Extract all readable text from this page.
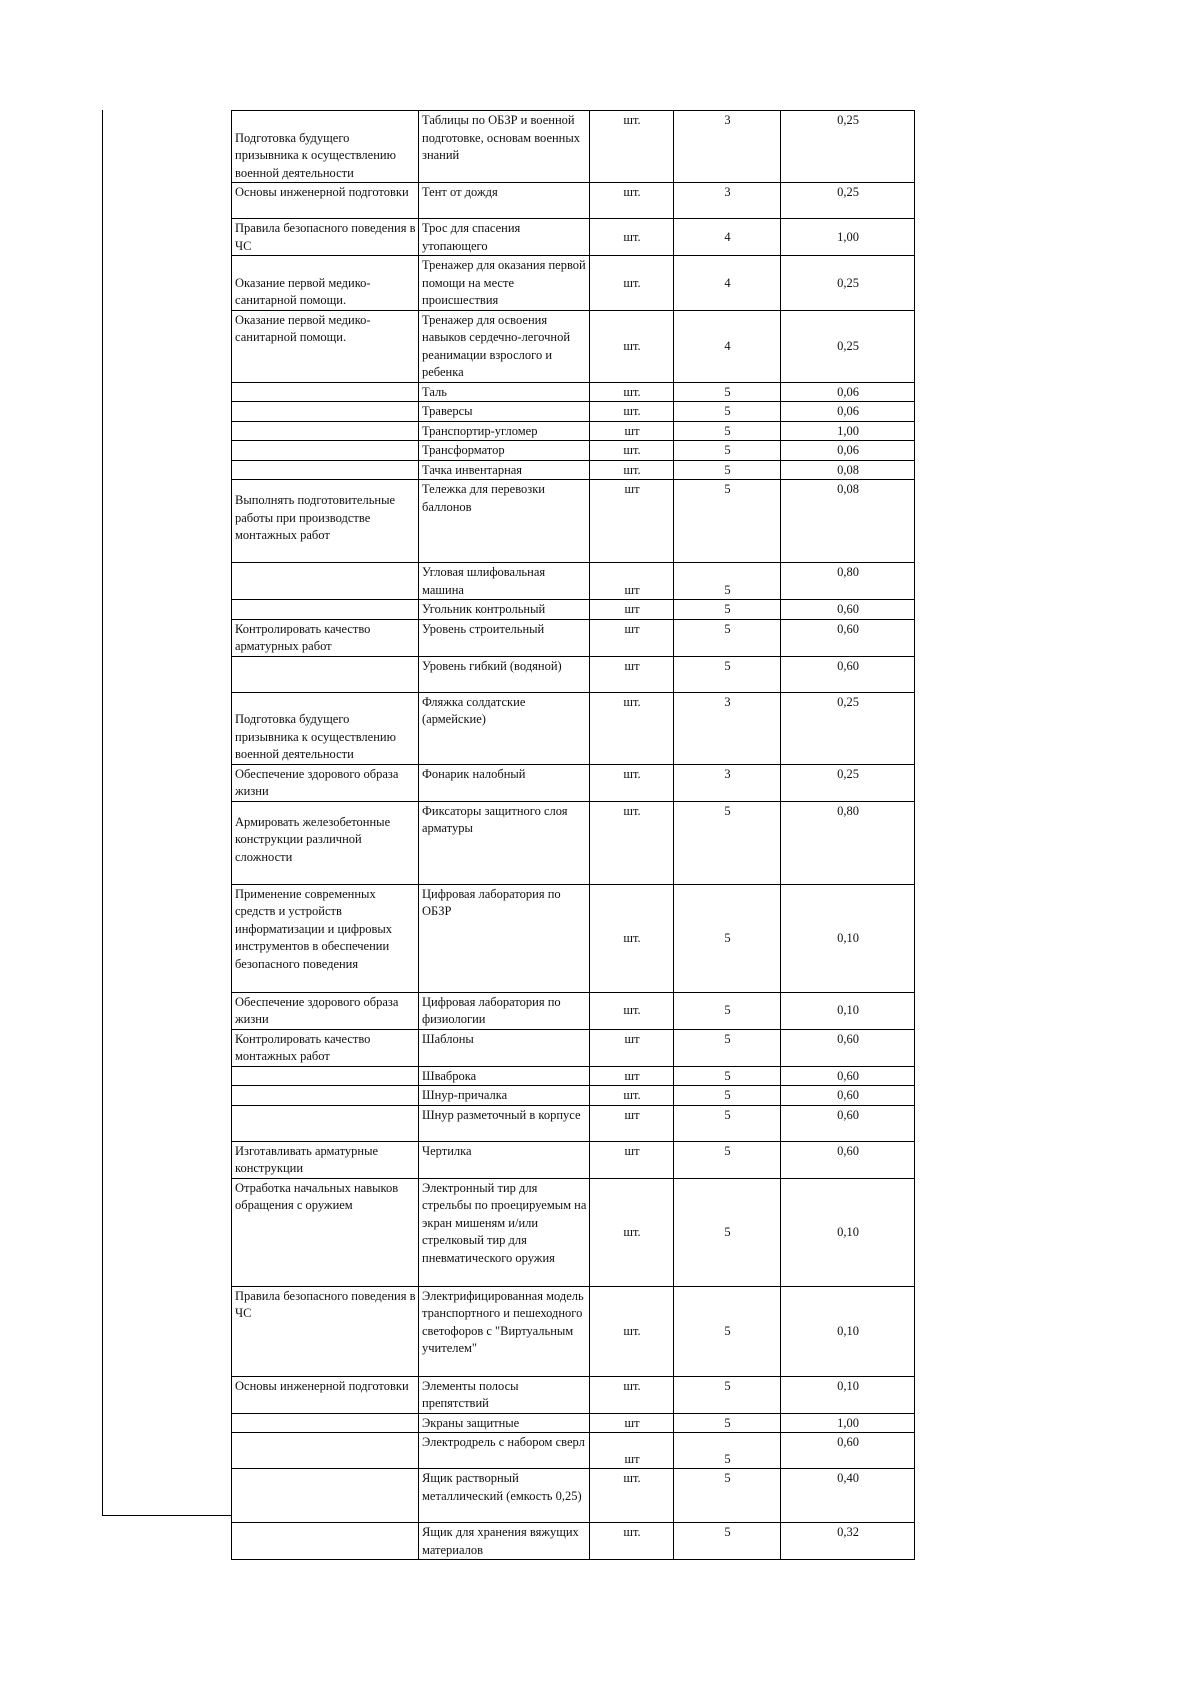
Подготовка будущего призывника к осуществлению военной деятельности	Таблицы по ОБЗР и военной подготовке, основам военных знаний	шт.	3	0,25
Основы инженерной подготовки	Тент от дождя	шт.	3	0,25
Правила безопасного поведения в ЧС	Трос для спасения утопающего	шт.	4	1,00
Оказание первой медико-санитарной помощи.	Тренажер для оказания первой помощи на месте происшествия	шт.	4	0,25
Оказание первой медико-санитарной помощи.	Тренажер для освоения навыков сердечно-легочной реанимации взрослого и ребенка	шт.	4	0,25
	Таль	шт.	5	0,06
	Траверсы	шт.	5	0,06
	Транспортир-угломер	шт	5	1,00
	Трансформатор	шт.	5	0,06
	Тачка инвентарная	шт.	5	0,08
Выполнять подготовительные работы при производстве монтажных работ	Тележка для перевозки баллонов	шт	5	0,08
	Угловая шлифовальная машина	шт	5	0,80
	Угольник контрольный	шт	5	0,60
Контролировать качество арматурных работ	Уровень строительный	шт	5	0,60
	Уровень гибкий (водяной)	шт	5	0,60
Подготовка будущего призывника к осуществлению военной деятельности	Фляжка солдатские (армейские)	шт.	3	0,25
Обеспечение здорового образа жизни	Фонарик налобный	шт.	3	0,25
Армировать железобетонные конструкции различной сложности	Фиксаторы защитного слоя арматуры	шт.	5	0,80
Применение современных средств и устройств информатизации и цифровых инструментов в обеспечении безопасного поведения	Цифровая лаборатория по ОБЗР	шт.	5	0,10
Обеспечение здорового образа жизни	Цифровая лаборатория по физиологии	шт.	5	0,10
Контролировать качество монтажных работ	Шаблоны	шт	5	0,60
	Шваброка	шт	5	0,60
	Шнур-причалка	шт.	5	0,60
	Шнур разметочный в корпусе	шт	5	0,60
Изготавливать арматурные конструкции	Чертилка	шт	5	0,60
Отработка начальных навыков обращения с оружием	Электронный тир для стрельбы по проецируемым на экран мишеням и/или стрелковый тир для пневматического оружия	шт.	5	0,10
Правила безопасного поведения в ЧС	Электрифицированная модель транспортного и пешеходного светофоров с "Виртуальным учителем"	шт.	5	0,10
Основы инженерной подготовки	Элементы полосы препятствий	шт.	5	0,10
	Экраны защитные	шт	5	1,00
	Электродрель с набором сверл	шт	5	0,60
	Ящик растворный металлический (емкость 0,25)	шт.	5	0,40
	Ящик для хранения вяжущих материалов	шт.	5	0,32
